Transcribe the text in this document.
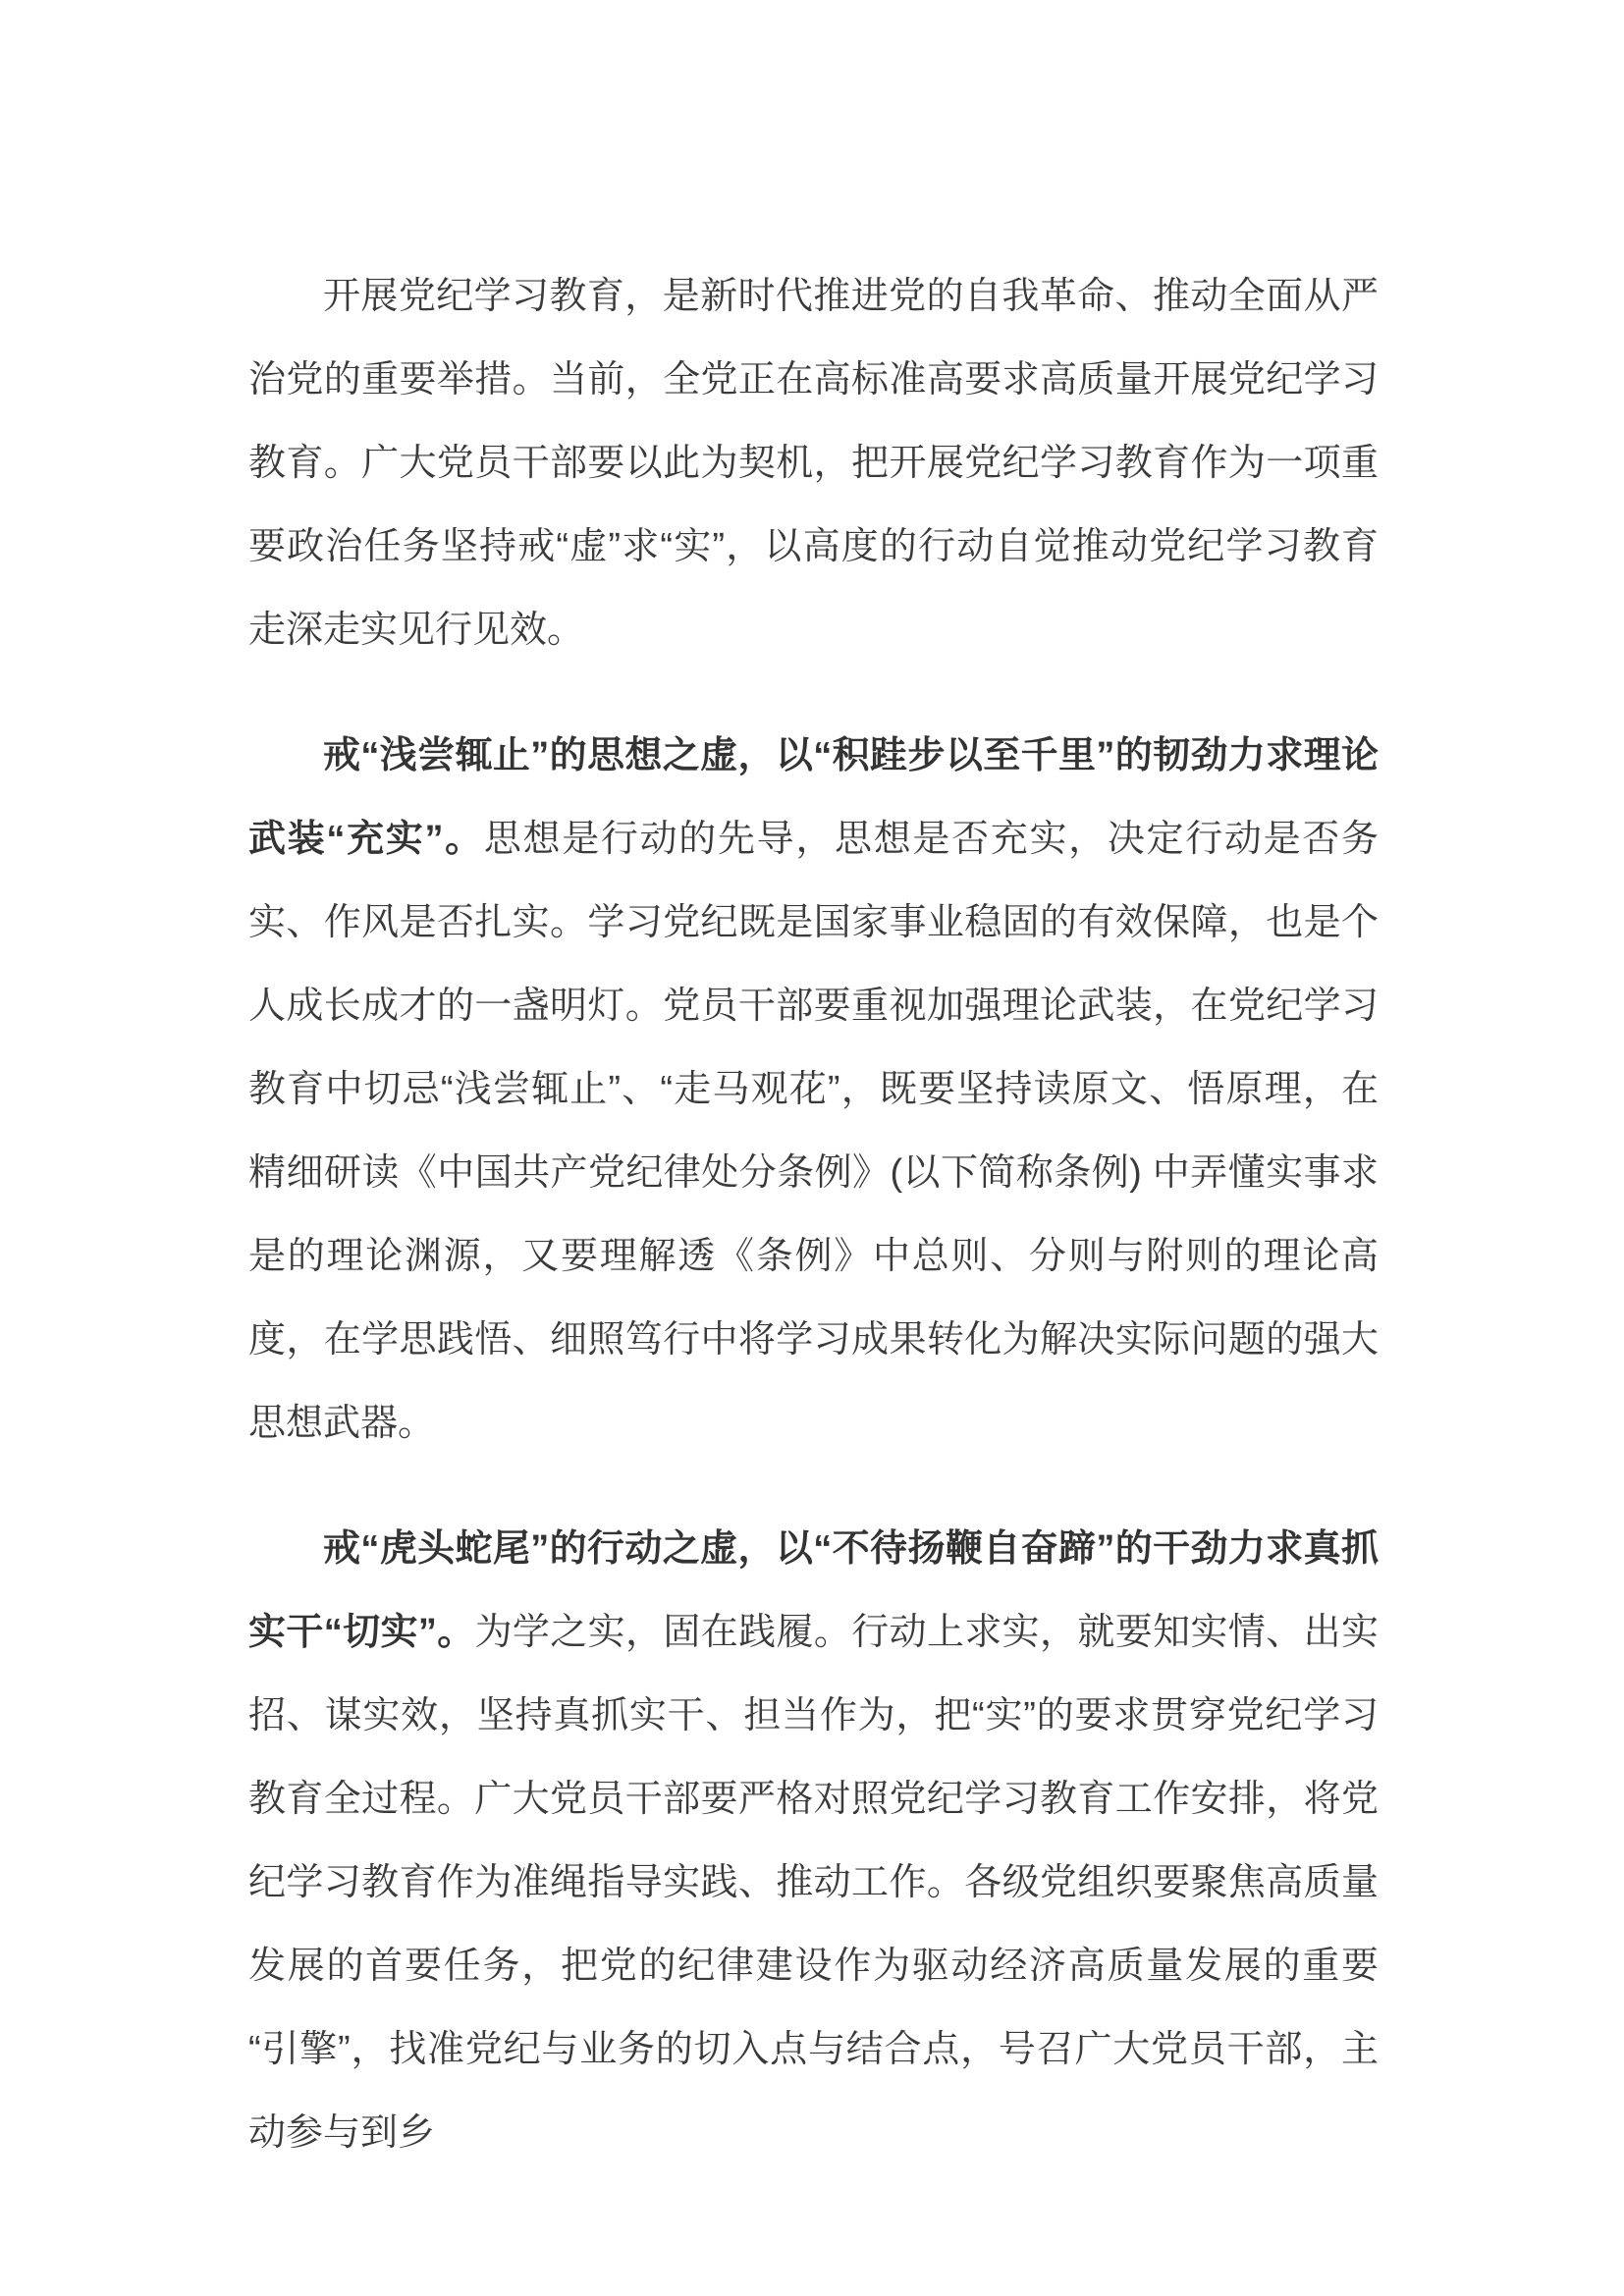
开展党纪学习教育，是新时代推进党的自我革命、推动全面从严治党的重要举措。当前，全党正在高标准高要求高质量开展党纪学习教育。广大党员干部要以此为契机，把开展党纪学习教育作为一项重要政治任务坚持戒“虚”求“实”，以高度的行动自觉推动党纪学习教育走深走实见行见效。

戒“浅尝辄止”的思想之虚，以“积跬步以至千里”的韧劲力求理论武装“充实”。思想是行动的先导，思想是否充实，决定行动是否务实、作风是否扎实。学习党纪既是国家事业稳固的有效保障，也是个人成长成才的一盏明灯。党员干部要重视加强理论武装，在党纪学习教育中切忌“浅尝辄止”、“走马观花”，既要坚持读原文、悟原理，在精细研读《中国共产党纪律处分条例》(以下简称条例) 中弄懂实事求是的理论渊源，又要理解透《条例》中总则、分则与附则的理论高度，在学思践悟、细照笃行中将学习成果转化为解决实际问题的强大思想武器。

戒“虎头蛇尾”的行动之虚，以“不待扬鞭自奋蹄”的干劲力求真抓实干“切实”。为学之实，固在践履。行动上求实，就要知实情、出实招、谋实效，坚持真抓实干、担当作为，把“实”的要求贯穿党纪学习教育全过程。广大党员干部要严格对照党纪学习教育工作安排，将党纪学习教育作为准绳指导实践、推动工作。各级党组织要聚焦高质量发展的首要任务，把党的纪律建设作为驱动经济高质量发展的重要“引擎”，找准党纪与业务的切入点与结合点，号召广大党员干部，主动参与到乡
